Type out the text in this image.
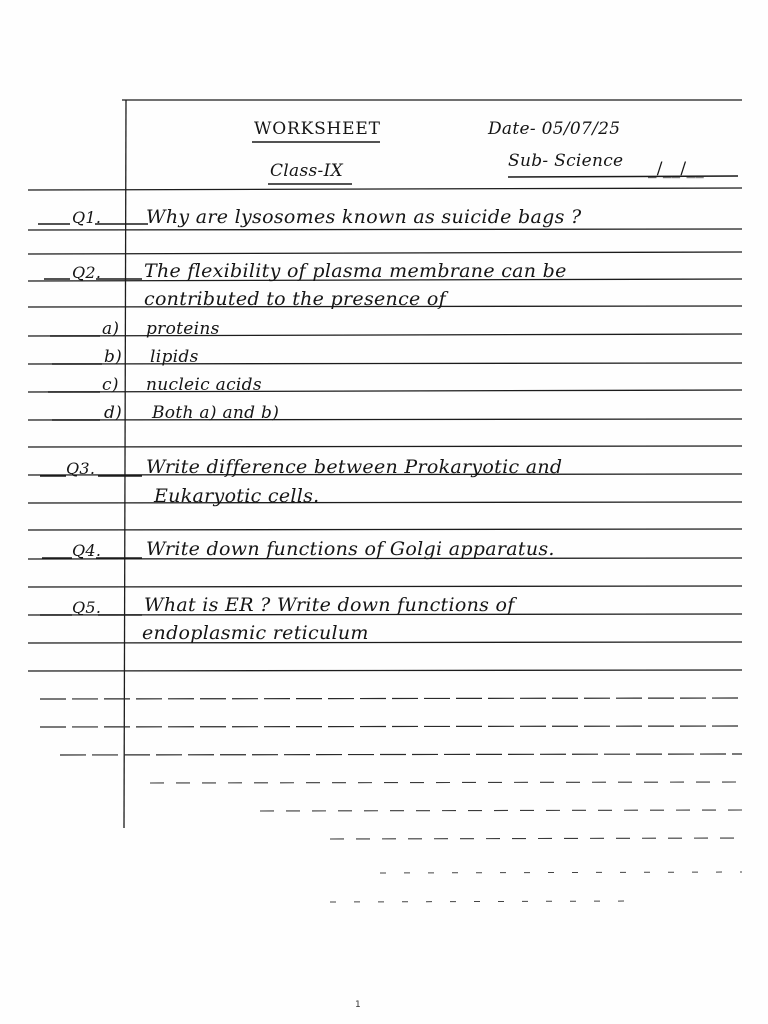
WORKSHEET	Date- 05/07/25
Class-IX	Sub- Science _/__/__
Q1. Why are lysosomes known as suicide bags ?
Q2. The flexibility of plasma membrane can be
contributed to the presence of
a) proteins
b) lipids
c) nucleic acids
d) Both a) and b)
Q3.	Write difference between Prokaryotic and
Eukaryotic cells.
Q4. Write down functions of Golgi apparatus.
Q5. What is ER ? Write down functions of
endoplasmic reticulum
1
